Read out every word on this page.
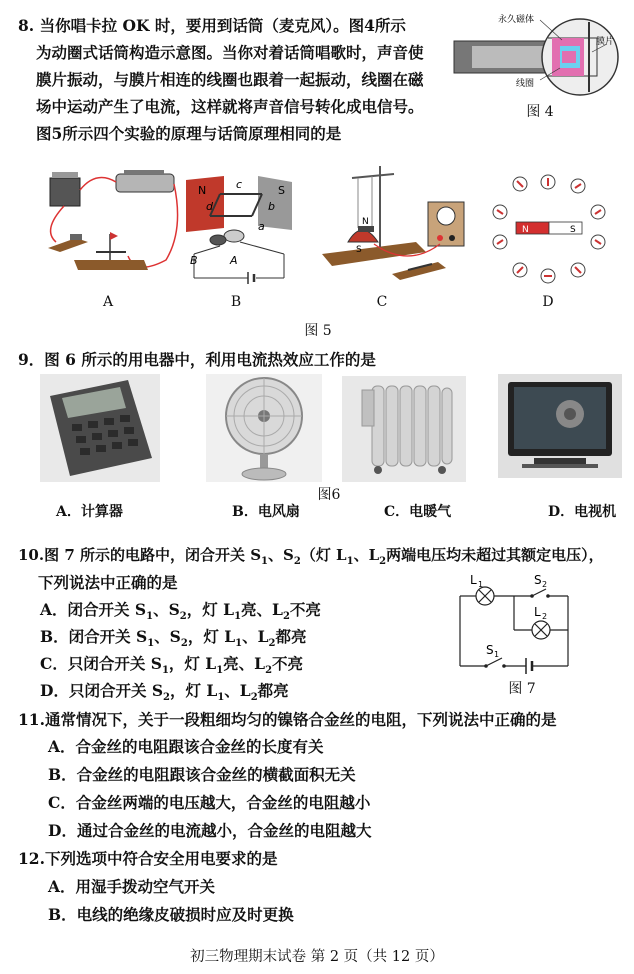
8. 当你唱卡拉 OK 时，要用到话筒（麦克风）。图4所示
为动圈式话筒构造示意图。当你对着话筒唱歌时，声音使
膜片振动，与膜片相连的线圈也跟着一起振动，线圈在磁
场中运动产生了电流，这样就将声音信号转化成电信号。
图5所示四个实验的原理与话筒原理相同的是
永久磁体
膜片
线圈
图 4
A
N	S
c
d	b
a
B	A
B
N
S
C
N	S
D
图 5
9．图 6 所示的用电器中，利用电流热效应工作的是
图6
A．计算器	B．电风扇	C．电暖气	D．电视机
10.图 7 所示的电路中，闭合开关 $S_1$、$S_2$（灯 $L_1$、$L_2$两端电压均未超过其额定电压），
下列说法中正确的是
A．闭合开关 $S_1$、$S_2$，灯 $L_1$亮、$L_2$不亮
B．闭合开关 $S_1$、$S_2$，灯 $L_1$、$L_2$都亮
C．只闭合开关 $S_1$，灯 $L_1$亮、$L_2$不亮
D．只闭合开关 $S_2$，灯 $L_1$、$L_2$都亮
L 1	S 2
L 2
S 1
图 7
11.通常情况下，关于一段粗细均匀的镍铬合金丝的电阻，下列说法中正确的是
A．合金丝的电阻跟该合金丝的长度有关
B．合金丝的电阻跟该合金丝的横截面积无关
C．合金丝两端的电压越大，合金丝的电阻越小
D．通过合金丝的电流越小，合金丝的电阻越大
12.下列选项中符合安全用电要求的是
A．用湿手拨动空气开关
B．电线的绝缘皮破损时应及时更换
初三物理期末试卷 第 2 页（共 12 页）
